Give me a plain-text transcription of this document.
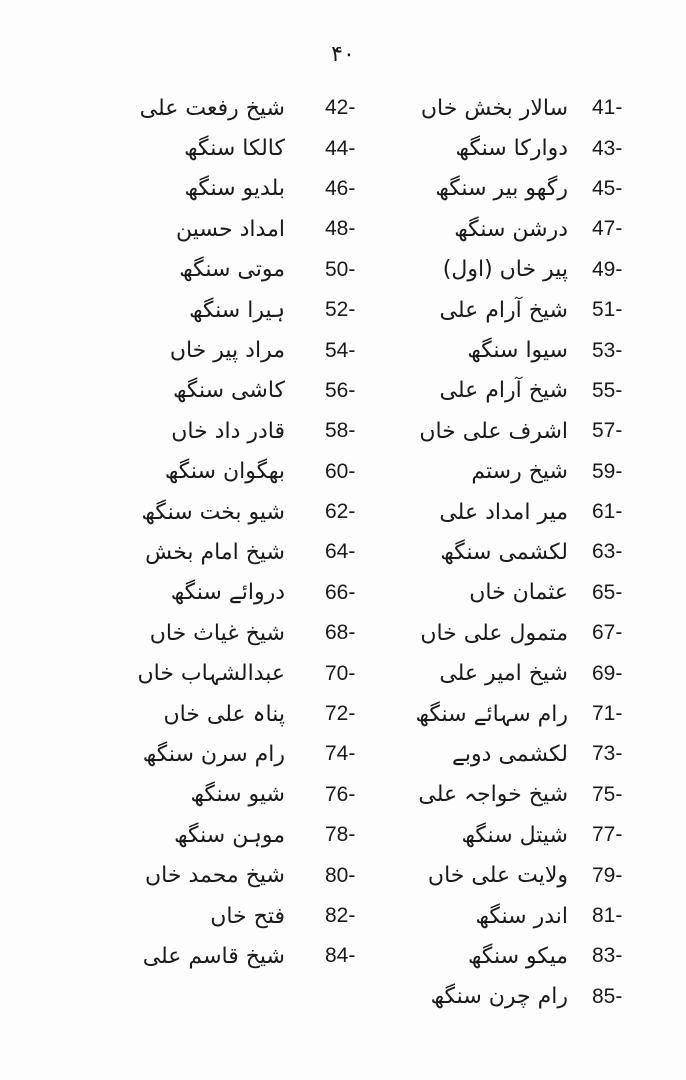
۴۰
شیخ رفعت علی 42-
کالکا سنگھ 44-
بلدیو سنگھ 46-
امداد حسین 48-
موتی سنگھ 50-
ہیرا سنگھ 52-
مراد پیر خاں 54-
کاشی سنگھ 56-
قادر داد خاں 58-
بھگوان سنگھ 60-
شیو بخت سنگھ 62-
شیخ امام بخش 64-
دروائے سنگھ 66-
شیخ غیاث خاں 68-
عبدالشہاب خاں 70-
پناہ علی خاں 72-
رام سرن سنگھ 74-
شیو سنگھ 76-
موہن سنگھ 78-
شیخ محمد خاں 80-
فتح خاں 82-
شیخ قاسم علی 84-
سالار بخش خاں 41-
دوارکا سنگھ 43-
رگھو بیر سنگھ 45-
درشن سنگھ 47-
پیر خاں (اول) 49-
شیخ آرام علی 51-
سیوا سنگھ 53-
شیخ آرام علی 55-
اشرف علی خاں 57-
شیخ رستم 59-
میر امداد علی 61-
لکشمی سنگھ 63-
عثمان خاں 65-
متمول علی خاں 67-
شیخ امیر علی 69-
رام سہائے سنگھ 71-
لکشمی دوبے 73-
شیخ خواجہ علی 75-
شیتل سنگھ 77-
ولایت علی خاں 79-
اندر سنگھ 81-
میکو سنگھ 83-
رام چرن سنگھ 85-
